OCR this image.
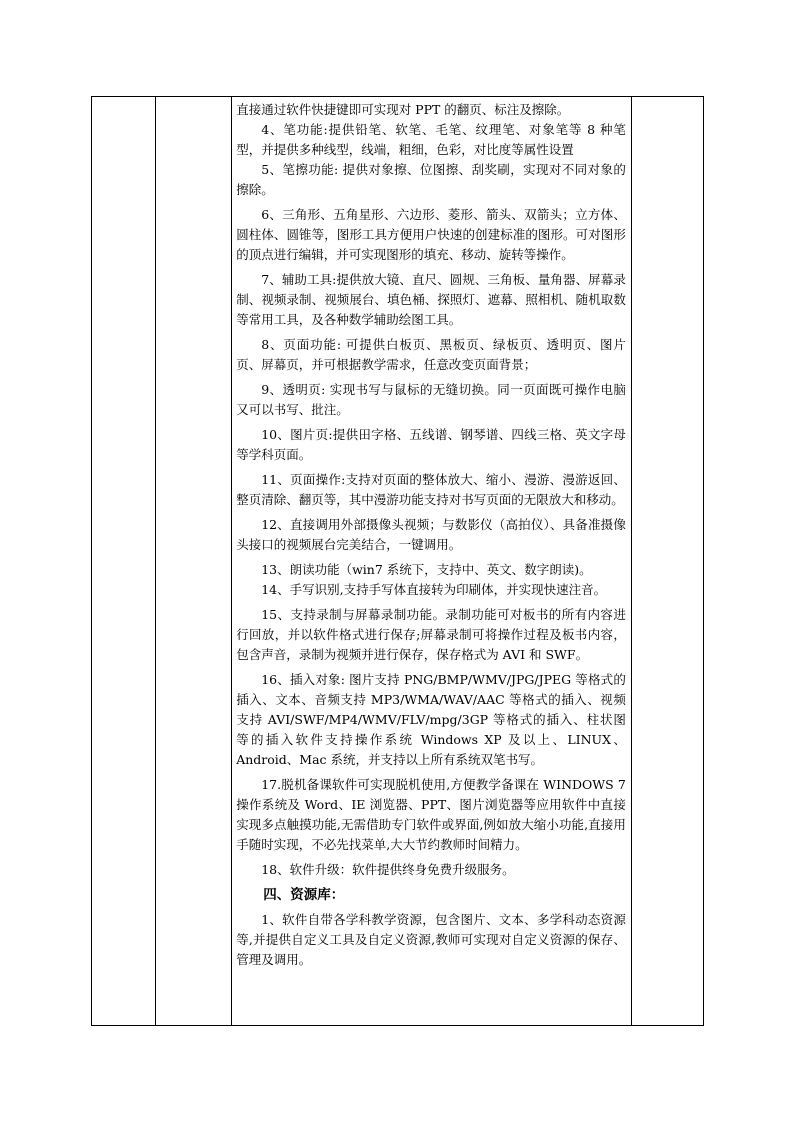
直接通过软件快捷键即可实现对 PPT 的翻页、标注及擦除。

4、笔功能:提供铅笔、软笔、毛笔、纹理笔、对象笔等 8 种笔型，并提供多种线型，线端，粗细，色彩，对比度等属性设置

5、笔擦功能: 提供对象擦、位图擦、刮奖刷，实现对不同对象的擦除。

6、三角形、五角星形、六边形、菱形、箭头、双箭头；立方体、圆柱体、圆锥等，图形工具方便用户快速的创建标准的图形。可对图形的顶点进行编辑，并可实现图形的填充、移动、旋转等操作。

7、辅助工具:提供放大镜、直尺、圆规、三角板、量角器、屏幕录制、视频录制、视频展台、填色桶、探照灯、遮幕、照相机、随机取数等常用工具，及各种数学辅助绘图工具。

8、页面功能: 可提供白板页、黑板页、绿板页、透明页、图片页、屏幕页，并可根据教学需求，任意改变页面背景；

9、透明页: 实现书写与鼠标的无缝切换。同一页面既可操作电脑又可以书写、批注。

10、图片页:提供田字格、五线谱、钢琴谱、四线三格、英文字母等学科页面。

11、页面操作:支持对页面的整体放大、缩小、漫游、漫游返回、整页清除、翻页等，其中漫游功能支持对书写页面的无限放大和移动。

12、直接调用外部摄像头视频；与数影仪（高拍仪）、具备准摄像头接口的视频展台完美结合，一键调用。

13、朗读功能（win7 系统下，支持中、英文、数字朗读)。

14、手写识别,支持手写体直接转为印刷体，并实现快速注音。

15、支持录制与屏幕录制功能。录制功能可对板书的所有内容进行回放，并以软件格式进行保存;屏幕录制可将操作过程及板书内容，包含声音，录制为视频并进行保存，保存格式为 AVI 和 SWF。

16、插入对象: 图片支持 PNG/BMP/WMV/JPG/JPEG 等格式的插入、文本、音频支持 MP3/WMA/WAV/AAC 等格式的插入、视频支持 AVI/SWF/MP4/WMV/FLV/mpg/3GP 等格式的插入、柱状图等的插入软件支持操作系统 Windows XP 及以上、LINUX、Android、Mac 系统，并支持以上所有系统双笔书写。

17.脱机备课软件可实现脱机使用,方便教学备课在 WINDOWS 7 操作系统及 Word、IE 浏览器、PPT、图片浏览器等应用软件中直接实现多点触摸功能,无需借助专门软件或界面,例如放大缩小功能,直接用手随时实现，不必先找菜单,大大节约教师时间精力。

18、软件升级：软件提供终身免费升级服务。

四、资源库：

1、软件自带各学科教学资源，包含图片、文本、多学科动态资源等,并提供自定义工具及自定义资源,教师可实现对自定义资源的保存、管理及调用。
